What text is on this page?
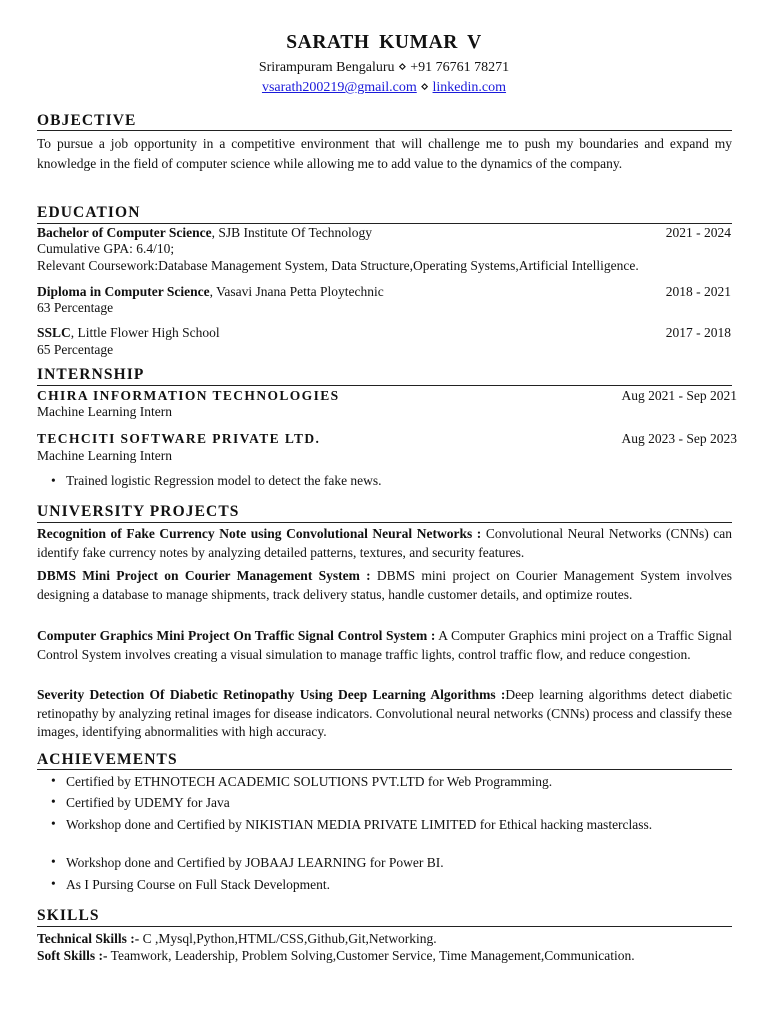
SARATH KUMAR V
Srirampuram Bengaluru ⋄ +91 76761 78271
vsarath200219@gmail.com ⋄ linkedin.com
OBJECTIVE
To pursue a job opportunity in a competitive environment that will challenge me to push my boundaries and expand my knowledge in the field of computer science while allowing me to add value to the dynamics of the company.
EDUCATION
Bachelor of Computer Science, SJB Institute Of Technology	2021 - 2024
Cumulative GPA: 6.4/10;
Relevant Coursework:Database Management System, Data Structure,Operating Systems,Artificial Intelligence.
Diploma in Computer Science, Vasavi Jnana Petta Ploytechnic	2018 - 2021
63 Percentage
SSLC, Little Flower High School	2017 - 2018
65 Percentage
INTERNSHIP
CHIRA INFORMATION TECHNOLOGIES	Aug 2021 - Sep 2021
Machine Learning Intern
TECHCITI SOFTWARE PRIVATE LTD.	Aug 2023 - Sep 2023
Machine Learning Intern
• Trained logistic Regression model to detect the fake news.
UNIVERSITY PROJECTS
Recognition of Fake Currency Note using Convolutional Neural Networks : Convolutional Neural Networks (CNNs) can identify fake currency notes by analyzing detailed patterns, textures, and security features.
DBMS Mini Project on Courier Management System : DBMS mini project on Courier Management System involves designing a database to manage shipments, track delivery status, handle customer details, and optimize routes.
Computer Graphics Mini Project On Traffic Signal Control System : A Computer Graphics mini project on a Traffic Signal Control System involves creating a visual simulation to manage traffic lights, control traffic flow, and reduce congestion.
Severity Detection Of Diabetic Retinopathy Using Deep Learning Algorithms :Deep learning algorithms detect diabetic retinopathy by analyzing retinal images for disease indicators. Convolutional neural networks (CNNs) process and classify these images, identifying abnormalities with high accuracy.
ACHIEVEMENTS
• Certified by ETHNOTECH ACADEMIC SOLUTIONS PVT.LTD for Web Programming.
• Certified by UDEMY for Java
• Workshop done and Certified by NIKISTIAN MEDIA PRIVATE LIMITED for Ethical hacking masterclass.
• Workshop done and Certified by JOBAAJ LEARNING for Power BI.
• As I Pursing Course on Full Stack Development.
SKILLS
Technical Skills :- C ,Mysql,Python,HTML/CSS,Github,Git,Networking.
Soft Skills :- Teamwork, Leadership, Problem Solving,Customer Service, Time Management,Communication.
